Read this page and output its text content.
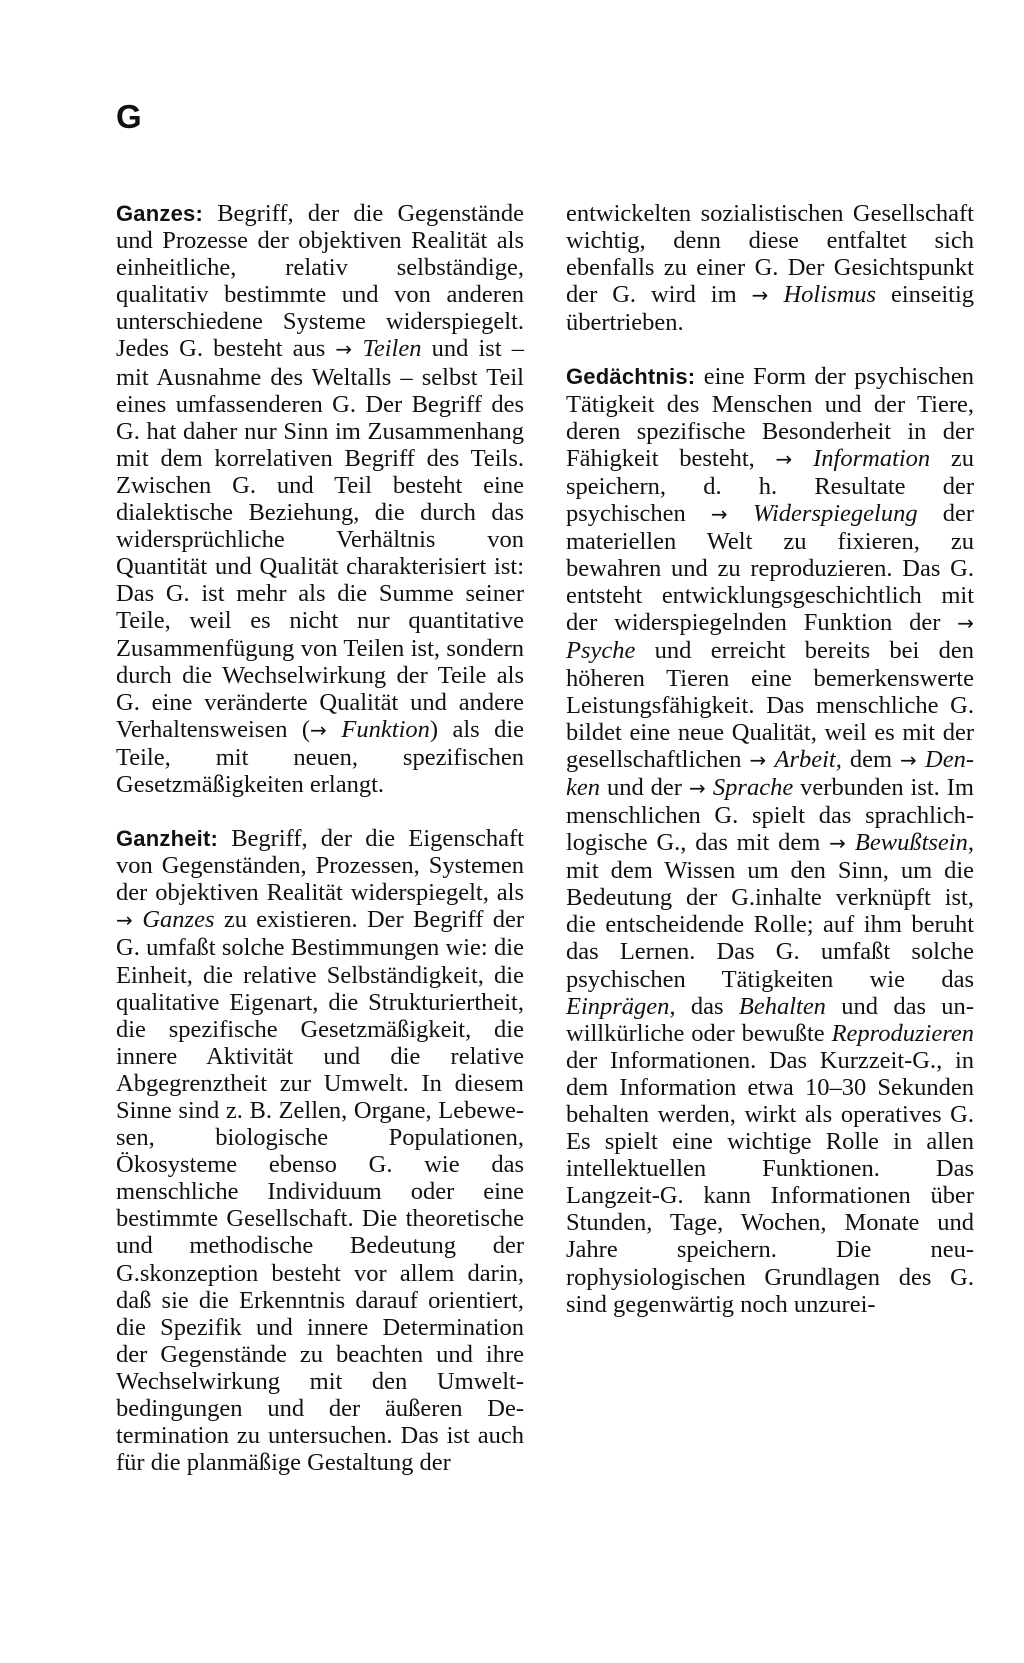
G

Ganzes: Begriff, der die Gegenstände und Prozesse der objektiven Realität als einheitliche, relativ selbständige, qualitativ bestimmte und von anderen unterschiedene Systeme widerspiegelt. Jedes G. besteht aus → Teilen und ist – mit Ausnahme des Weltalls – selbst Teil eines umfassenderen G. Der Begriff des G. hat daher nur Sinn im Zusammenhang mit dem korrelativen Begriff des Teils. Zwischen G. und Teil besteht eine dialektische Beziehung, die durch das widersprüchliche Verhältnis von Quantität und Qualität charakterisiert ist: Das G. ist mehr als die Summe seiner Teile, weil es nicht nur quantitative Zusammenfügung von Teilen ist, sondern durch die Wechselwirkung der Teile als G. eine veränderte Qualität und andere Verhaltensweisen (→ Funktion) als die Teile, mit neuen, spezifischen Gesetzmäßigkeiten erlangt.

Ganzheit: Begriff, der die Eigenschaft von Gegenständen, Prozessen, Systemen der objektiven Realität widerspiegelt, als → Ganzes zu existieren. Der Begriff der G. umfaßt solche Bestimmungen wie: die Einheit, die relative Selbständigkeit, die qualitative Eigenart, die Strukturiertheit, die spezifische Gesetzmäßigkeit, die innere Aktivität und die relative Abgegrenztheit zur Umwelt. In diesem Sinne sind z. B. Zellen, Organe, Lebewesen, biologische Populationen, Ökosysteme ebenso G. wie das menschliche Individuum oder eine bestimmte Gesellschaft. Die theoretische und methodische Bedeutung der G.skonzeption besteht vor allem darin, daß sie die Erkenntnis darauf orientiert, die Spezifik und innere Determination der Gegenstände zu beachten und ihre Wechselwirkung mit den Umweltbedingungen und der äußeren Determination zu untersuchen. Das ist auch für die planmäßige Gestaltung der

entwickelten sozialistischen Gesellschaft wichtig, denn diese entfaltet sich ebenfalls zu einer G. Der Gesichtspunkt der G. wird im → Holismus einseitig übertrieben.

Gedächtnis: eine Form der psychischen Tätigkeit des Menschen und der Tiere, deren spezifische Besonderheit in der Fähigkeit besteht, → Information zu speichern, d. h. Resultate der psychischen → Widerspiegelung der materiellen Welt zu fixieren, zu bewahren und zu reproduzieren. Das G. entsteht entwicklungsgeschichtlich mit der widerspiegelnden Funktion der → Psyche und erreicht bereits bei den höheren Tieren eine bemerkenswerte Leistungsfähigkeit. Das menschliche G. bildet eine neue Qualität, weil es mit der gesellschaftlichen → Arbeit, dem → Denken und der → Sprache verbunden ist. Im menschlichen G. spielt das sprachlich-logische G., das mit dem → Bewußtsein, mit dem Wissen um den Sinn, um die Bedeutung der G.inhalte verknüpft ist, die entscheidende Rolle; auf ihm beruht das Lernen. Das G. umfaßt solche psychischen Tätigkeiten wie das Einprägen, das Behalten und das unwillkürliche oder bewußte Reproduzieren der Informationen. Das Kurzzeit-G., in dem Information etwa 10–30 Sekunden behalten werden, wirkt als operatives G. Es spielt eine wichtige Rolle in allen intellektuellen Funktionen. Das Langzeit-G. kann Informationen über Stunden, Tage, Wochen, Monate und Jahre speichern. Die neurophysiologischen Grundlagen des G. sind gegenwärtig noch unzurei-
